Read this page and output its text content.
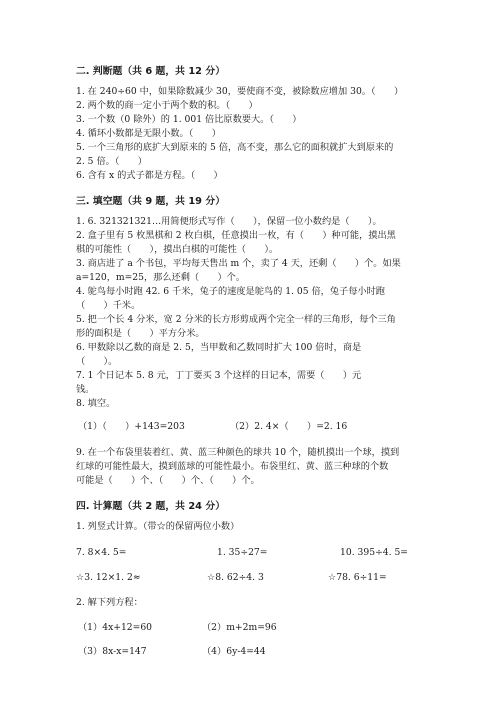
二. 判断题（共 6 题，共 12 分）
1. 在 240÷60 中，如果除数减少 30，要使商不变，被除数应增加 30。（　　）
2. 两个数的商一定小于两个数的积。（　　）
3. 一个数（0 除外）的 1. 001 倍比原数要大。（　　）
4. 循环小数都是无限小数。（　　）
5. 一个三角形的底扩大到原来的 5 倍，高不变，那么它的面积就扩大到原来的
2. 5 倍。（　　）
6. 含有 x 的式子都是方程。（　　）
三. 填空题（共 9 题，共 19 分）
1. 6. 321321321…用简便形式写作（　　），保留一位小数约是（　　）。
2. 盒子里有 5 枚黑棋和 2 枚白棋，任意摸出一枚，有（　　）种可能，摸出黑
棋的可能性（　　），摸出白棋的可能性（　　）。
3. 商店进了 a 个书包，平均每天售出 m 个，卖了 4 天，还剩（　　）个。如果
a=120，m=25，那么还剩（　　）个。
4. 鸵鸟每小时跑 42. 6 千米，兔子的速度是鸵鸟的 1. 05 倍，兔子每小时跑
（　　）千米。
5. 把一个长 4 分米，宽 2 分米的长方形剪成两个完全一样的三角形，每个三角
形的面积是（　　）平方分米。
6. 甲数除以乙数的商是 2. 5，当甲数和乙数同时扩大 100 倍时，商是
（　　）。
7. 1 个日记本 5. 8 元，丁丁要买 3 个这样的日记本，需要（　　）元
钱。
8. 填空。
（1）（　　）+143=203	（2）2. 4×（　　）=2. 16
9. 在一个布袋里装着红、黄、蓝三种颜色的球共 10 个，随机摸出一个球，摸到
红球的可能性最大，摸到蓝球的可能性最小。布袋里红、黄、蓝三种球的个数
可能是（　　）个、（　　）个、（　　）个。
四. 计算题（共 2 题，共 24 分）
1. 列竖式计算。（带☆的保留两位小数）
7. 8×4. 5=	1. 35÷27=	10. 395÷4. 5=
☆3. 12×1. 2≈	☆8. 62÷4. 3	☆78. 6÷11=
2. 解下列方程：
（1）4x+12=60	（2）m+2m=96
（3）8x-x=147	（4）6y-4=44
